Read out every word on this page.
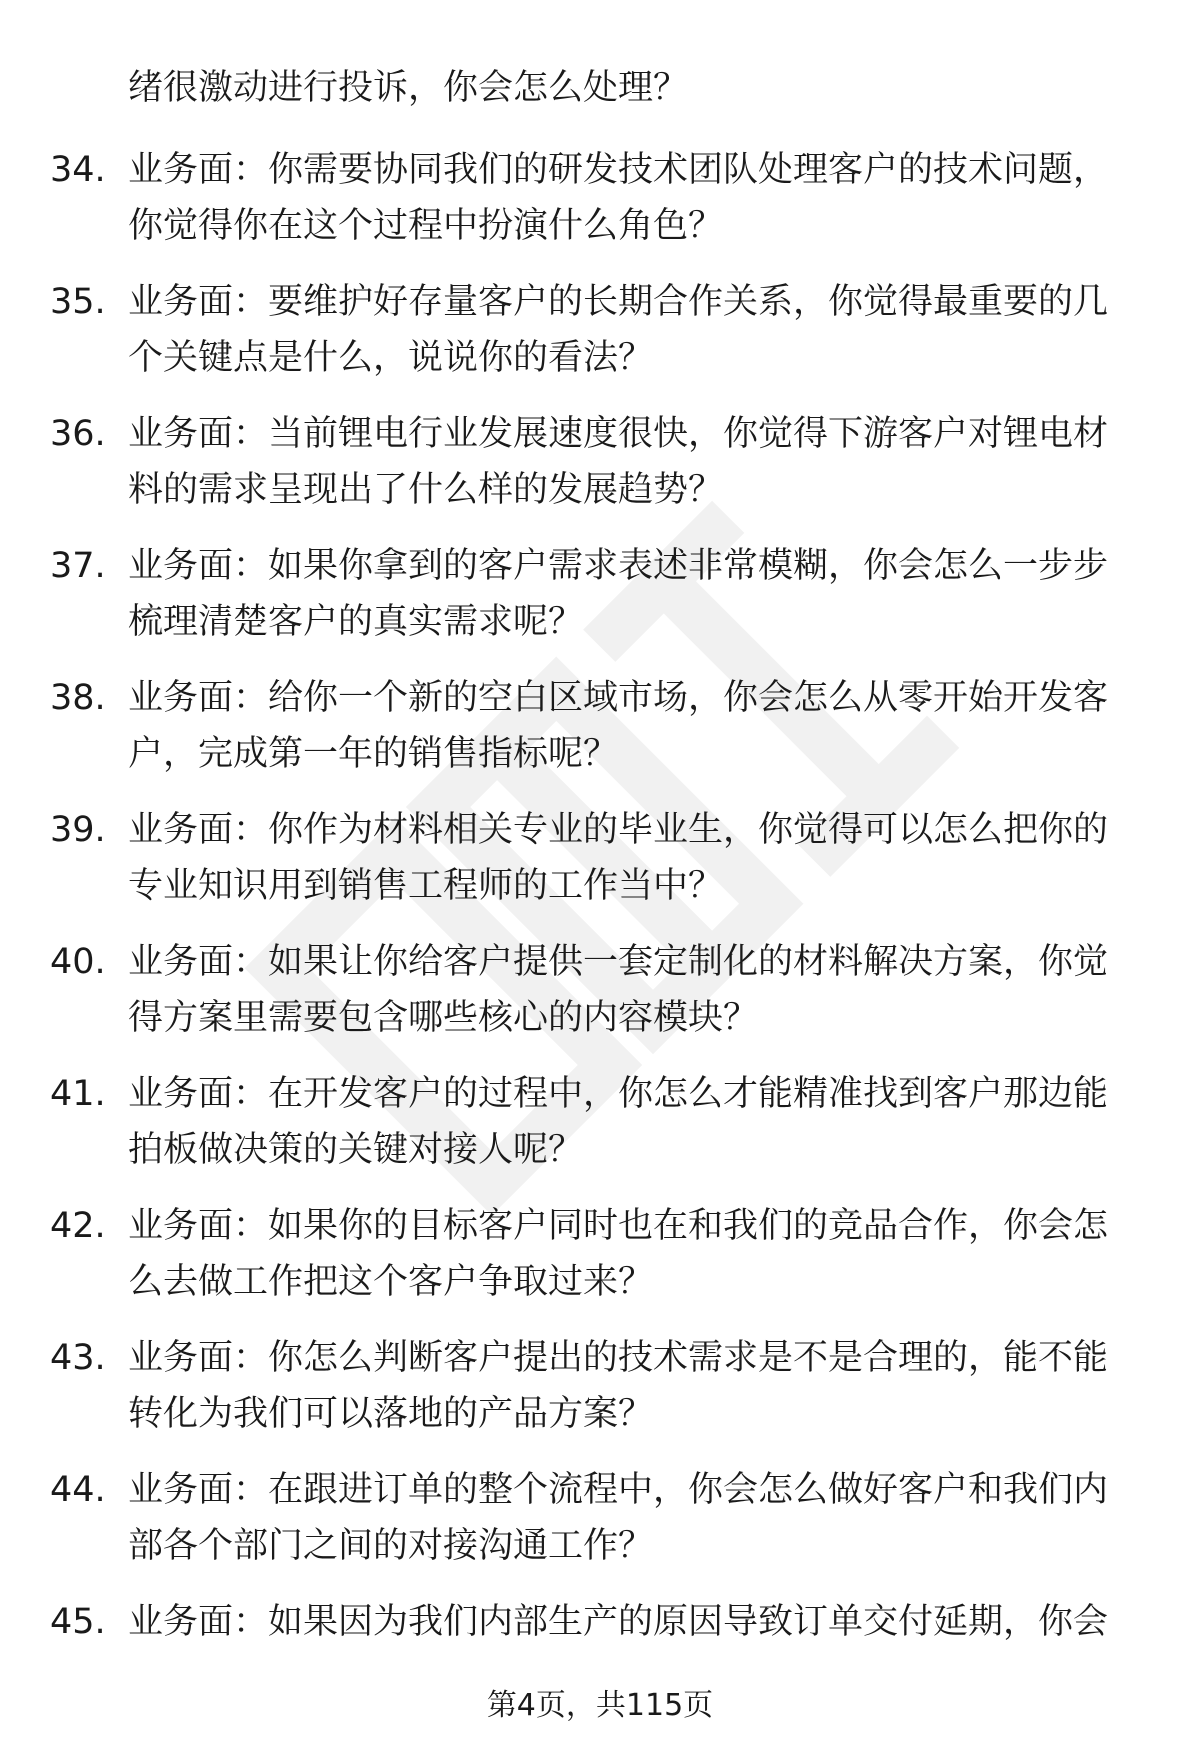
绪很激动进行投诉，你会怎么处理？

34. 业务面：你需要协同我们的研发技术团队处理客户的技术问题，
你觉得你在这个过程中扮演什么角色？

35. 业务面：要维护好存量客户的长期合作关系，你觉得最重要的几
个关键点是什么，说说你的看法？

36. 业务面：当前锂电行业发展速度很快，你觉得下游客户对锂电材
料的需求呈现出了什么样的发展趋势？

37. 业务面：如果你拿到的客户需求表述非常模糊，你会怎么一步步
梳理清楚客户的真实需求呢？

38. 业务面：给你一个新的空白区域市场，你会怎么从零开始开发客
户，完成第一年的销售指标呢？

39. 业务面：你作为材料相关专业的毕业生，你觉得可以怎么把你的
专业知识用到销售工程师的工作当中？

40. 业务面：如果让你给客户提供一套定制化的材料解决方案，你觉
得方案里需要包含哪些核心的内容模块？

41. 业务面：在开发客户的过程中，你怎么才能精准找到客户那边能
拍板做决策的关键对接人呢？

42. 业务面：如果你的目标客户同时也在和我们的竞品合作，你会怎
么去做工作把这个客户争取过来？

43. 业务面：你怎么判断客户提出的技术需求是不是合理的，能不能
转化为我们可以落地的产品方案？

44. 业务面：在跟进订单的整个流程中，你会怎么做好客户和我们内
部各个部门之间的对接沟通工作？

45. 业务面：如果因为我们内部生产的原因导致订单交付延期，你会

第4页，共115页
